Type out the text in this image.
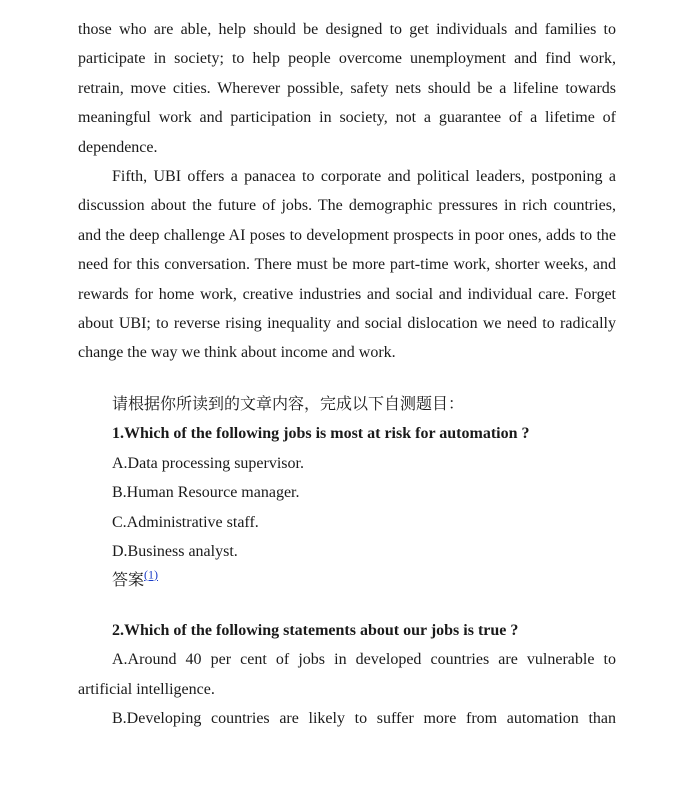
those who are able, help should be designed to get individuals and families to participate in society; to help people overcome unemployment and find work, retrain, move cities. Wherever possible, safety nets should be a lifeline towards meaningful work and participation in society, not a guarantee of a lifetime of dependence.

Fifth, UBI offers a panacea to corporate and political leaders, postponing a discussion about the future of jobs. The demographic pressures in rich countries, and the deep challenge AI poses to development prospects in poor ones, adds to the need for this conversation. There must be more part-time work, shorter weeks, and rewards for home work, creative industries and social and individual care. Forget about UBI; to reverse rising inequality and social dislocation we need to radically change the way we think about income and work.

请根据你所读到的文章内容，完成以下自测题目：

1.Which of the following jobs is most at risk for automation ?

A.Data processing supervisor.

B.Human Resource manager.

C.Administrative staff.

D.Business analyst.

答案$^{(1)}$

2.Which of the following statements about our jobs is true ?

A.Around 40 per cent of jobs in developed countries are vulnerable to artificial intelligence.

B.Developing countries are likely to suffer more from automation than
